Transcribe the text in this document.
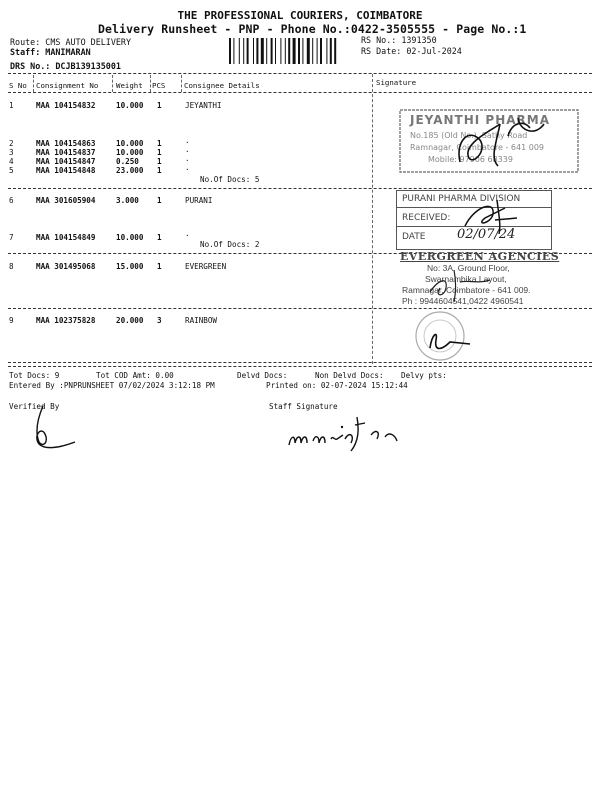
THE PROFESSIONAL COURIERS, COIMBATORE
Delivery Runsheet - PNP - Phone No.:0422-3505555 - Page No.:1
Route: CMS AUTO DELIVERY
Staff: MANIMARAN
DRS No.: DCJB139135001
RS No.: 1391350
RS Date: 02-Jul-2024
S No Consignment No Weight PCS	Consignee Details	Signature
1	MAA 104154832	10.000 1	JEYANTHI
2	MAA 104154863	10.000 1	.
3	MAA 104154837	10.000 1	.
4	MAA 104154847	0.250 1	.
5	MAA 104154848	23.000 1	.
No.Of Docs: 5
6	MAA 301605904	3.000 1	PURANI
7	MAA 104154849	10.000 1	.
No.Of Docs: 2
8	MAA 301495068	15.000 1	EVERGREEN
9	MAA 102375828	20.000 3	RAINBOW
JEYANTHI PHARMA
No.185 (Old No.), Sathy Road
Ramnagar, Coimbatore - 641 009
Mobile: 97906 68339
PURANI PHARMA DIVISION
RECEIVED:
DATE 02/07/24
EVERGREEN AGENCIES
No: 3A, Ground Floor,
Swarnambika Layout,
Ramnagar, Coimbatore - 641 009.
Ph : 9944604541,0422 4960541
Tot Docs: 9	Tot COD Amt: 0.00	Delvd Docs:	Non Delvd Docs: Delvy pts:
Entered By :PNPRUNSHEET 07/02/2024 3:12:18 PM	Printed on: 02-07-2024 15:12:44
Verified By	Staff Signature
